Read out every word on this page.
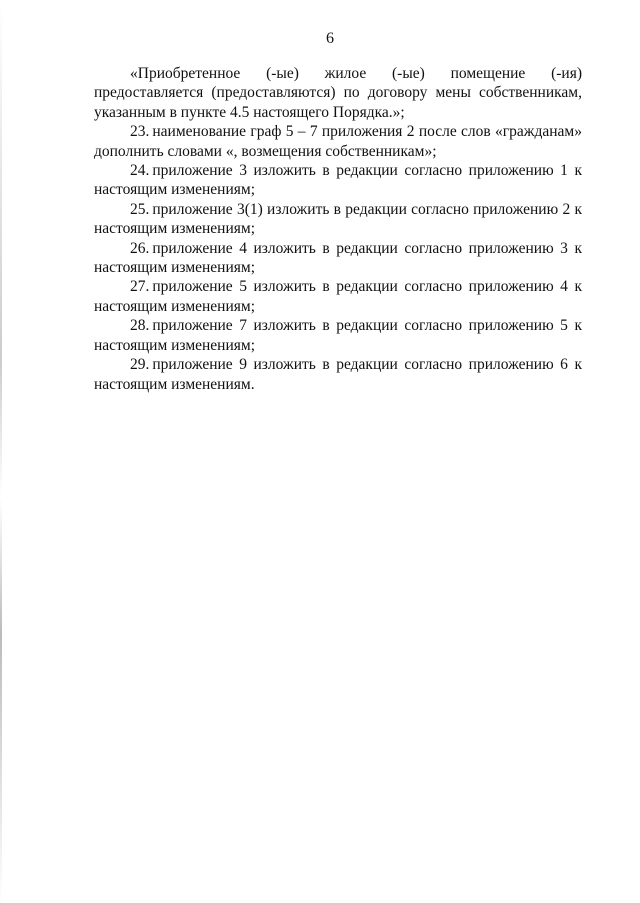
6

«Приобретенное (-ые) жилое (-ые) помещение (-ия) предоставляется (предоставляются) по договору мены собственникам, указанным в пункте 4.5 настоящего Порядка.»;

23. наименование граф 5 – 7 приложения 2 после слов «гражданам» дополнить словами «, возмещения собственникам»;

24. приложение 3 изложить в редакции согласно приложению 1 к настоящим изменениям;

25. приложение 3(1) изложить в редакции согласно приложению 2 к настоящим изменениям;

26. приложение 4 изложить в редакции согласно приложению 3 к настоящим изменениям;

27. приложение 5 изложить в редакции согласно приложению 4 к настоящим изменениям;

28. приложение 7 изложить в редакции согласно приложению 5 к настоящим изменениям;

29. приложение 9 изложить в редакции согласно приложению 6 к настоящим изменениям.
